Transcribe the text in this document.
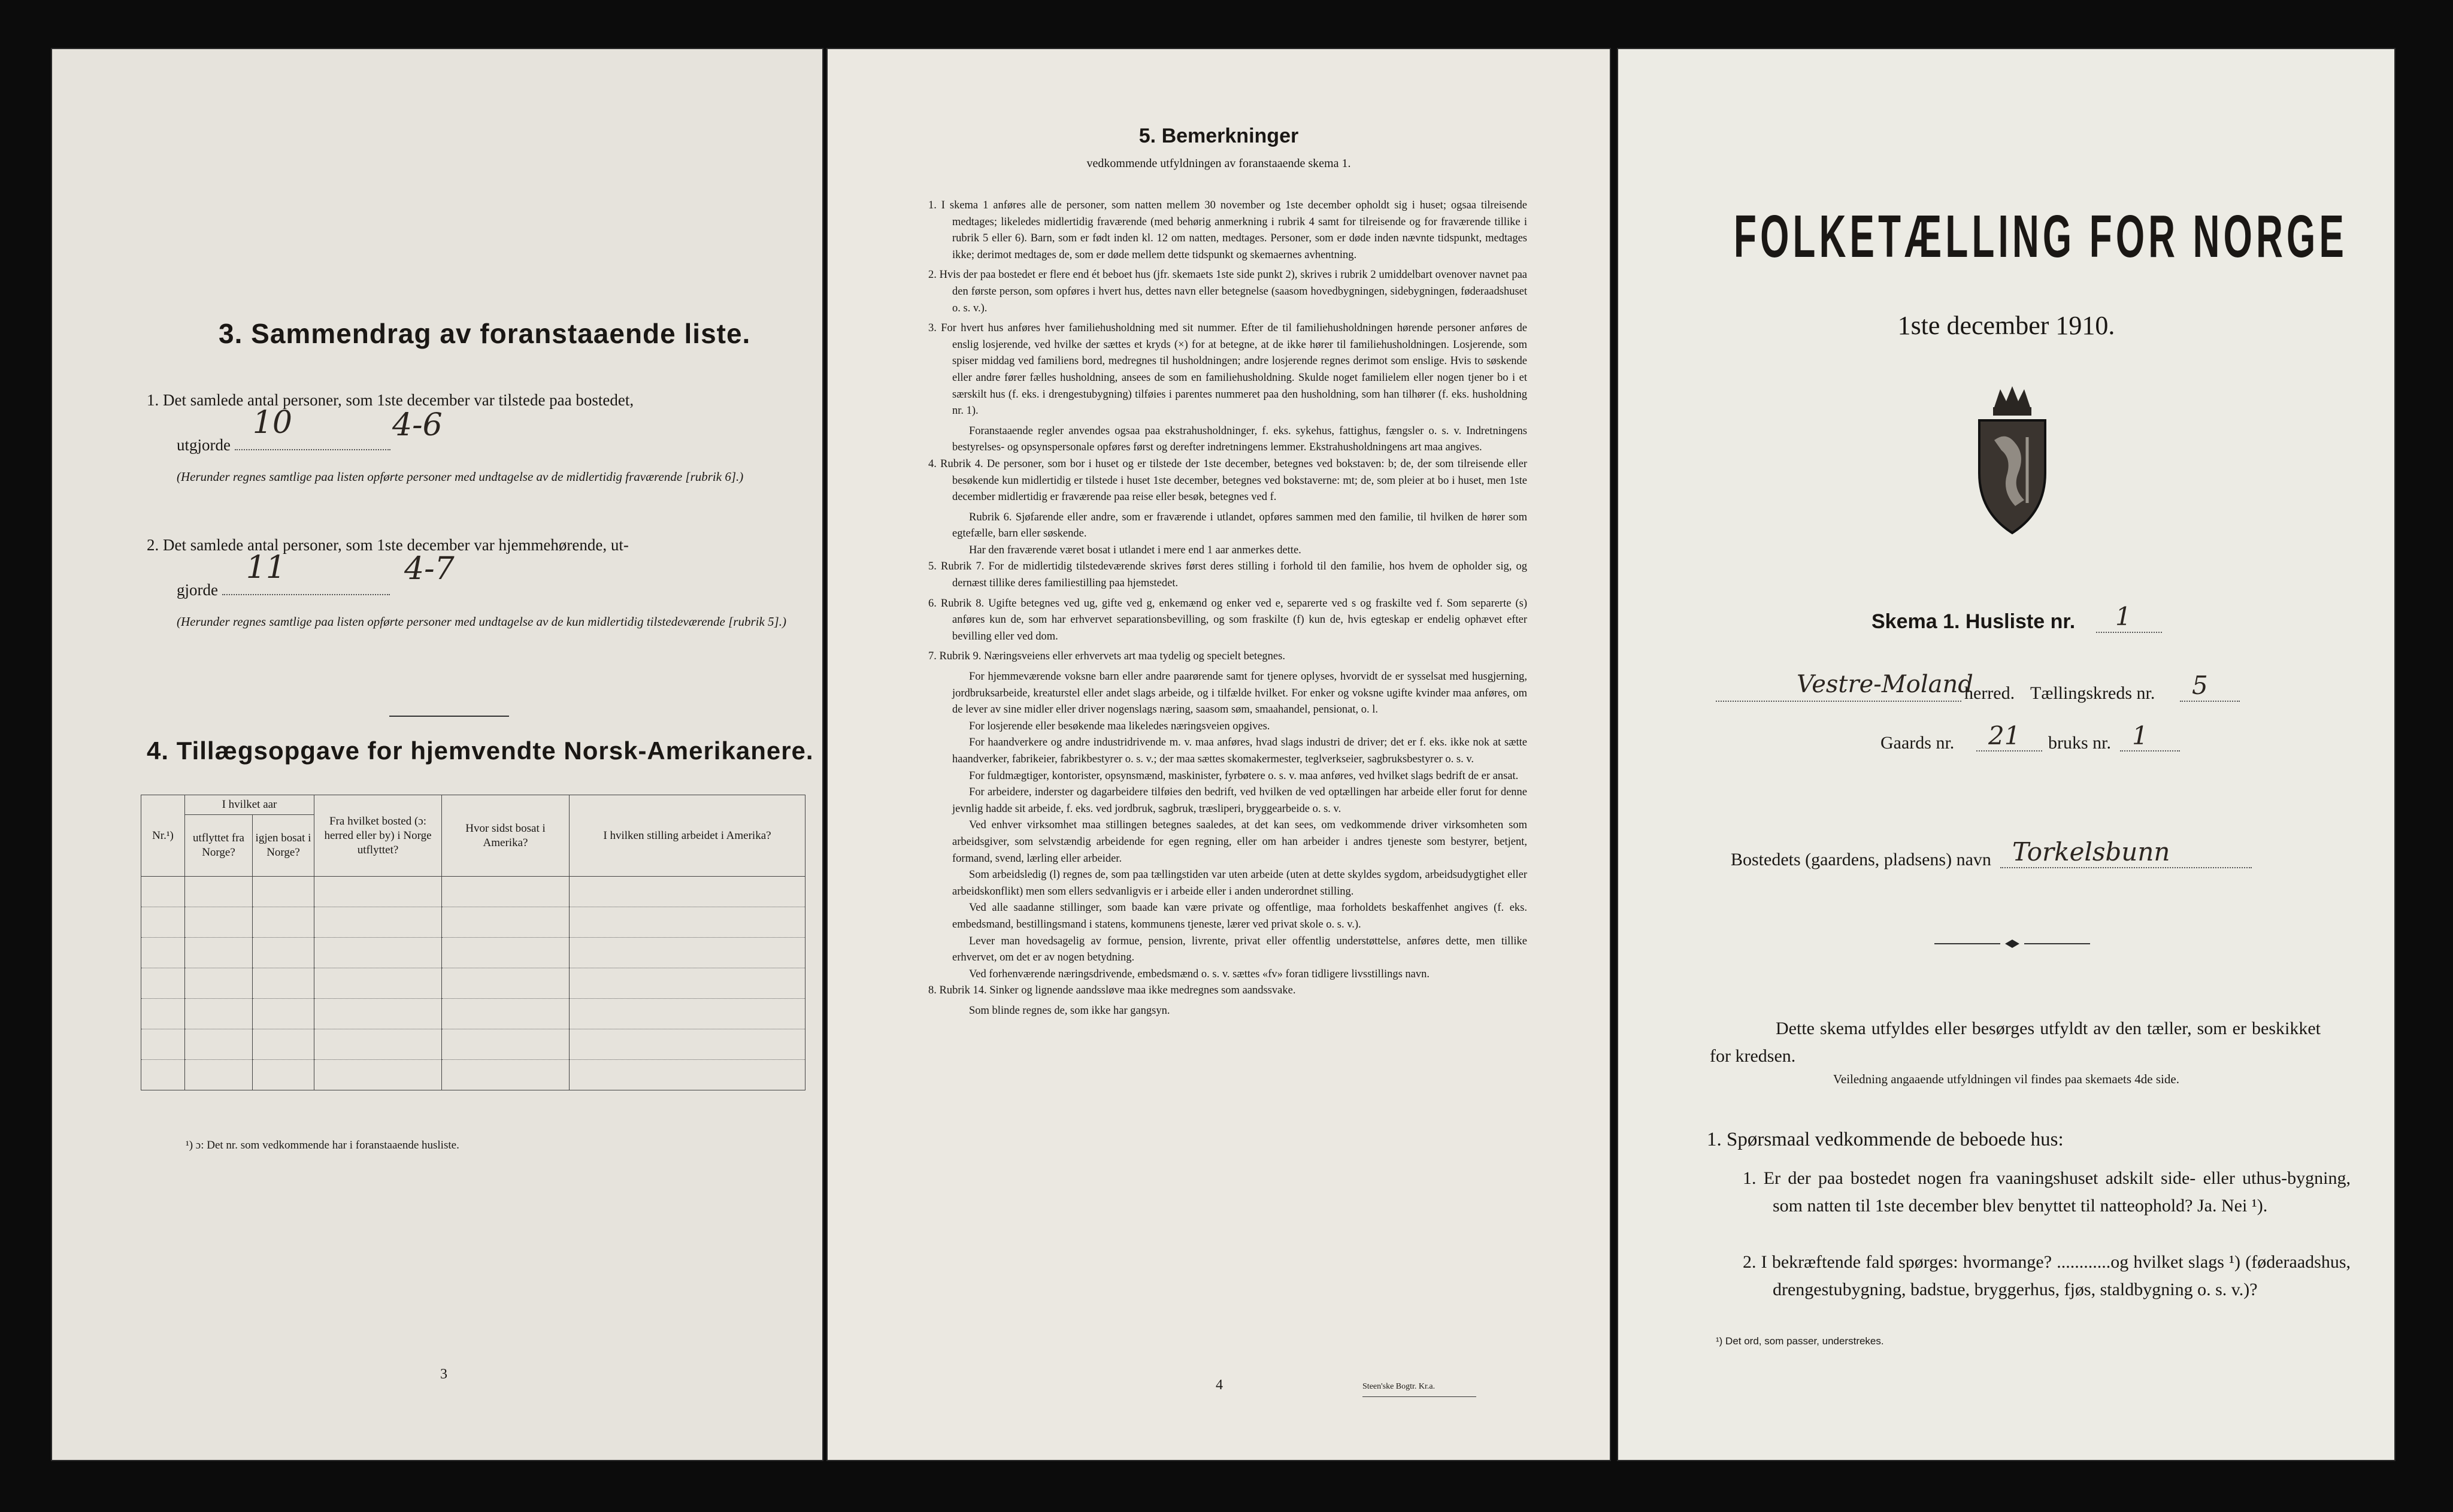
3. Sammendrag av foranstaaende liste.
1. Det samlede antal personer, som 1ste december var tilstede paa bostedet,
utgjorde
10	4-6
(Herunder regnes samtlige paa listen opførte personer med undtagelse av de midlertidig fraværende [rubrik 6].)
2. Det samlede antal personer, som 1ste december var hjemmehørende, ut-
gjorde
11	4-7
(Herunder regnes samtlige paa listen opførte personer med undtagelse av de kun midlertidig tilstedeværende [rubrik 5].)
4. Tillægsopgave for hjemvendte Norsk-Amerikanere.
Nr.¹)	I hvilket aar		Fra hvilket bosted (ɔ: herred eller by) i Norge utflyttet?	Hvor sidst bosat i Amerika?	I hvilken stilling arbeidet i Amerika?
	utflyttet fra Norge?	igjen bosat i Norge?			

¹) ɔ: Det nr. som vedkommende har i foranstaaende husliste.
3
5. Bemerkninger
vedkommende utfyldningen av foranstaaende skema 1.
1. I skema 1 anføres alle de personer, som natten mellem 30 november og 1ste december opholdt sig i huset; ogsaa tilreisende medtages; likeledes midlertidig fraværende (med behørig anmerkning i rubrik 4 samt for tilreisende og for fraværende tillike i rubrik 5 eller 6). Barn, som er født inden kl. 12 om natten, medtages. Personer, som er døde inden nævnte tidspunkt, medtages ikke; derimot medtages de, som er døde mellem dette tidspunkt og skemaernes avhentning.
2. Hvis der paa bostedet er flere end ét beboet hus (jfr. skemaets 1ste side punkt 2), skrives i rubrik 2 umiddelbart ovenover navnet paa den første person, som opføres i hvert hus, dettes navn eller betegnelse (saasom hovedbygningen, sidebygningen, føderaadshuset o. s. v.).
3. For hvert hus anføres hver familiehusholdning med sit nummer. Efter de til familiehusholdningen hørende personer anføres de enslig losjerende, ved hvilke der sættes et kryds (×) for at betegne, at de ikke hører til familiehusholdningen. Losjerende, som spiser middag ved familiens bord, medregnes til husholdningen; andre losjerende regnes derimot som enslige. Hvis to søskende eller andre fører fælles husholdning, ansees de som en familiehusholdning. Skulde noget familielem eller nogen tjener bo i et særskilt hus (f. eks. i drengestubygning) tilføies i parentes nummeret paa den husholdning, som han tilhører (f. eks. husholdning nr. 1).
Foranstaaende regler anvendes ogsaa paa ekstrahusholdninger, f. eks. sykehus, fattighus, fængsler o. s. v. Indretningens bestyrelses- og opsynspersonale opføres først og derefter indretningens lemmer. Ekstrahusholdningens art maa angives.
4. Rubrik 4. De personer, som bor i huset og er tilstede der 1ste december, betegnes ved bokstaven: b; de, der som tilreisende eller besøkende kun midlertidig er tilstede i huset 1ste december, betegnes ved bokstaverne: mt; de, som pleier at bo i huset, men 1ste december midlertidig er fraværende paa reise eller besøk, betegnes ved f.
Rubrik 6. Sjøfarende eller andre, som er fraværende i utlandet, opføres sammen med den familie, til hvilken de hører som egtefælle, barn eller søskende.
Har den fraværende været bosat i utlandet i mere end 1 aar anmerkes dette.
5. Rubrik 7. For de midlertidig tilstedeværende skrives først deres stilling i forhold til den familie, hos hvem de opholder sig, og dernæst tillike deres familiestilling paa hjemstedet.
6. Rubrik 8. Ugifte betegnes ved ug, gifte ved g, enkemænd og enker ved e, separerte ved s og fraskilte ved f. Som separerte (s) anføres kun de, som har erhvervet separationsbevilling, og som fraskilte (f) kun de, hvis egteskap er endelig ophævet efter bevilling eller ved dom.
7. Rubrik 9. Næringsveiens eller erhvervets art maa tydelig og specielt betegnes.
For hjemmeværende voksne barn eller andre paarørende samt for tjenere oplyses, hvorvidt de er sysselsat med husgjerning, jordbruksarbeide, kreaturstel eller andet slags arbeide, og i tilfælde hvilket. For enker og voksne ugifte kvinder maa anføres, om de lever av sine midler eller driver nogenslags næring, saasom søm, smaahandel, pensionat, o. l.
For losjerende eller besøkende maa likeledes næringsveien opgives.
For haandverkere og andre industridrivende m. v. maa anføres, hvad slags industri de driver; det er f. eks. ikke nok at sætte haandverker, fabrikeier, fabrikbestyrer o. s. v.; der maa sættes skomakermester, teglverkseier, sagbruksbestyrer o. s. v.
For fuldmægtiger, kontorister, opsynsmænd, maskinister, fyrbøtere o. s. v. maa anføres, ved hvilket slags bedrift de er ansat.
For arbeidere, inderster og dagarbeidere tilføies den bedrift, ved hvilken de ved optællingen har arbeide eller forut for denne jevnlig hadde sit arbeide, f. eks. ved jordbruk, sagbruk, træsliperi, bryggearbeide o. s. v.
Ved enhver virksomhet maa stillingen betegnes saaledes, at det kan sees, om vedkommende driver virksomheten som arbeidsgiver, som selvstændig arbeidende for egen regning, eller om han arbeider i andres tjeneste som bestyrer, betjent, formand, svend, lærling eller arbeider.
Som arbeidsledig (l) regnes de, som paa tællingstiden var uten arbeide (uten at dette skyldes sygdom, arbeidsudygtighet eller arbeidskonflikt) men som ellers sedvanligvis er i arbeide eller i anden underordnet stilling.
Ved alle saadanne stillinger, som baade kan være private og offentlige, maa forholdets beskaffenhet angives (f. eks. embedsmand, bestillingsmand i statens, kommunens tjeneste, lærer ved privat skole o. s. v.).
Lever man hovedsagelig av formue, pension, livrente, privat eller offentlig understøttelse, anføres dette, men tillike erhvervet, om det er av nogen betydning.
Ved forhenværende næringsdrivende, embedsmænd o. s. v. sættes «fv» foran tidligere livsstillings navn.
8. Rubrik 14. Sinker og lignende aandssløve maa ikke medregnes som aandssvake.
Som blinde regnes de, som ikke har gangsyn.
4	Steen'ske Bogtr. Kr.a.
FOLKETÆLLING FOR NORGE
1ste december 1910.
Skema 1. Husliste nr. 1
Vestre-Moland
herred. Tællingskreds nr. 5
Gaards nr. 21 bruks nr. 1
Bostedets (gaardens, pladsens) navn Torkelsbunn
Dette skema utfyldes eller besørges utfyldt av den tæller, som er beskikket for kredsen.
Veiledning angaaende utfyldningen vil findes paa skemaets 4de side.
1. Spørsmaal vedkommende de beboede hus:
1. Er der paa bostedet nogen fra vaaningshuset adskilt side- eller uthus-bygning, som natten til 1ste december blev benyttet til natteophold? Ja. Nei ¹).
2. I bekræftende fald spørges: hvormange? ............og hvilket slags ¹) (føderaadshus, drengestubygning, badstue, bryggerhus, fjøs, staldbygning o. s. v.)?
¹) Det ord, som passer, understrekes.
